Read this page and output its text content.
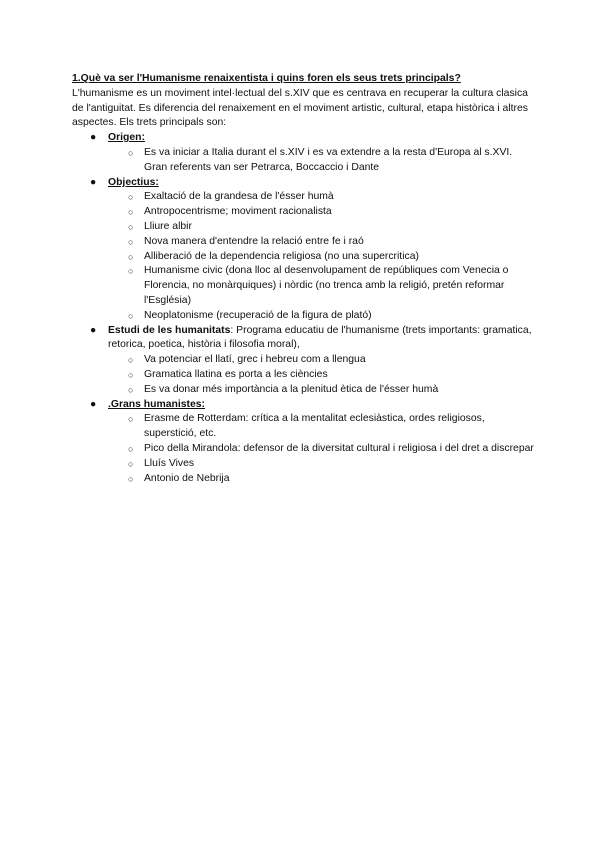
1.Què va ser l'Humanisme renaixentista i quins foren els seus trets principals?

L'humanisme es un moviment intel·lectual del s.XIV que es centrava en recuperar la cultura clasica de l'antiguitat. Es diferencia del renaixement en el moviment artistic, cultural, etapa històrica i altres aspectes. Els trets principals son:

● Origen:
○ Es va iniciar a Italia durant el s.XIV i es va extendre a la resta d'Europa al s.XVI. Gran referents van ser Petrarca, Boccaccio i Dante
● Objectius:
○ Exaltació de la grandesa de l'ésser humà
○ Antropocentrisme; moviment racionalista
○ Lliure albir
○ Nova manera d'entendre la relació entre fe i raó
○ Alliberació de la dependencia religiosa (no una supercritica)
○ Humanisme civic (dona lloc al desenvolupament de repúbliques com Venecia o Florencia, no monàrquiques) i nòrdic (no trenca amb la religió, pretén reformar l'Església)
○ Neoplatonisme (recuperació de la figura de plató)
● Estudi de les humanitats: Programa educatiu de l'humanisme (trets importants: gramatica, retorica, poetica, història i filosofia moral),
○ Va potenciar el llatí, grec i hebreu com a llengua
○ Gramatica llatina es porta a les ciències
○ Es va donar més importància a la plenitud ètica de l'ésser humà
● .Grans humanistes:
○ Erasme de Rotterdam: crítica a la mentalitat eclesiàstica, ordes religiosos, superstició, etc.
○ Pico della Mirandola: defensor de la diversitat cultural i religiosa i del dret a discrepar
○ Lluís Vives
○ Antonio de Nebrija
